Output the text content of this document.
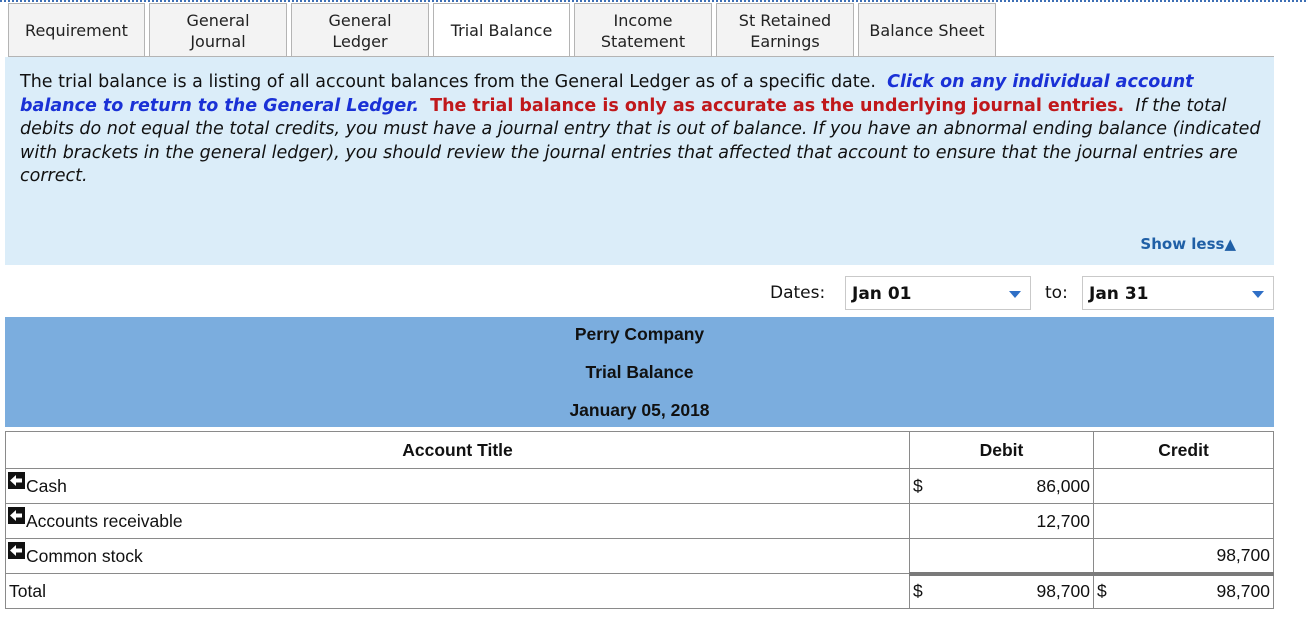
Requirement
General
Journal
General
Ledger
Trial Balance
Income
Statement
St Retained
Earnings
Balance Sheet
The trial balance is a listing of all account balances from the General Ledger as of a specific date. Click on any individual account balance to return to the General Ledger. The trial balance is only as accurate as the underlying journal entries. If the total debits do not equal the total credits, you must have a journal entry that is out of balance. If you have an abnormal ending balance (indicated with brackets in the general ledger), you should review the journal entries that affected that account to ensure that the journal entries are correct.
Show less▲
Dates:	Jan 01	to:	Jan 31
Perry Company
Trial Balance
January 05, 2018
Account Title	Debit		Credit	

Cash	$	86,000		

Accounts receivable		12,700		

Common stock				98,700
Total	$	98,700	$	98,700
